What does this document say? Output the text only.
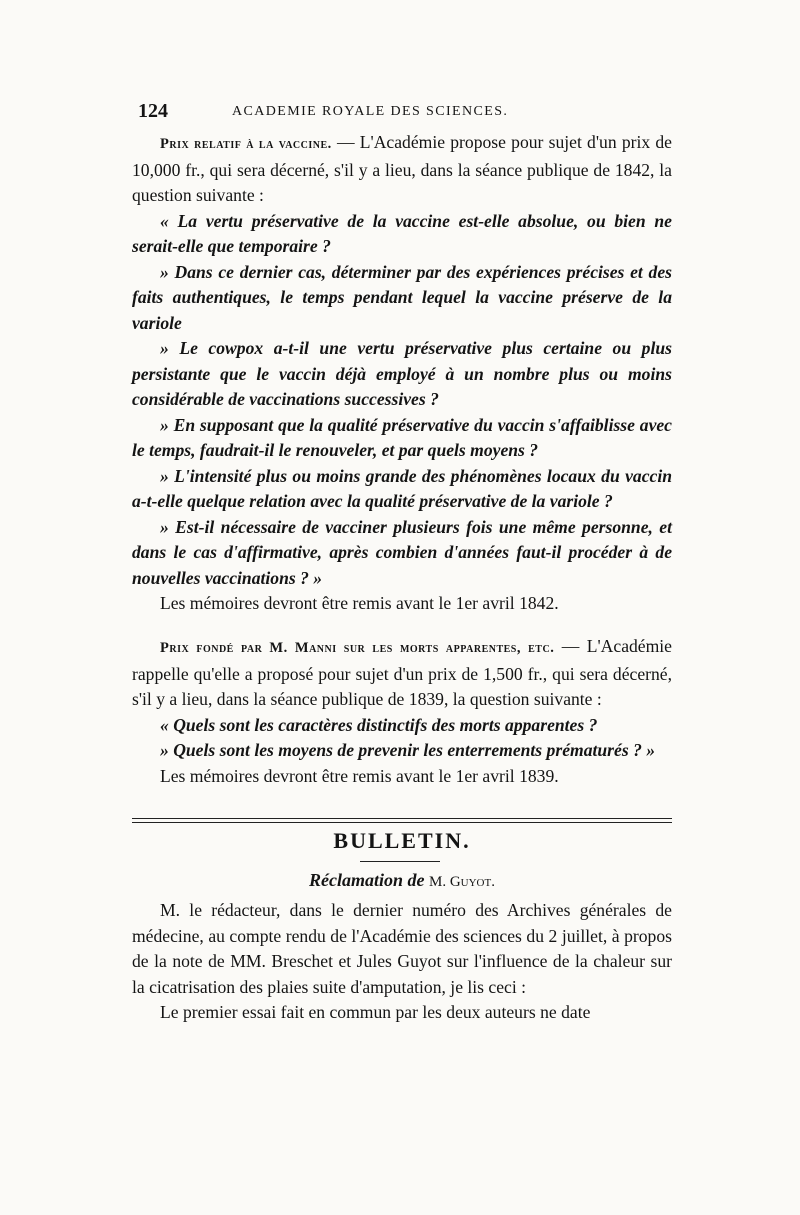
124	ACADEMIE ROYALE DES SCIENCES.

Prix relatif à la vaccine. — L'Académie propose pour sujet d'un prix de 10,000 fr., qui sera décerné, s'il y a lieu, dans la séance publique de 1842, la question suivante :

« La vertu préservative de la vaccine est-elle absolue, ou bien ne serait-elle que temporaire ?

» Dans ce dernier cas, déterminer par des expériences précises et des faits authentiques, le temps pendant lequel la vaccine préserve de la variole

» Le cowpox a-t-il une vertu préservative plus certaine ou plus persistante que le vaccin déjà employé à un nombre plus ou moins considérable de vaccinations successives ?

» En supposant que la qualité préservative du vaccin s'affaiblisse avec le temps, faudrait-il le renouveler, et par quels moyens ?

» L'intensité plus ou moins grande des phénomènes locaux du vaccin a-t-elle quelque relation avec la qualité préservative de la variole ?

» Est-il nécessaire de vacciner plusieurs fois une même personne, et dans le cas d'affirmative, après combien d'années faut-il procéder à de nouvelles vaccinations ? »

Les mémoires devront être remis avant le 1er avril 1842.

Prix fondé par M. Manni sur les morts apparentes, etc. — L'Académie rappelle qu'elle a proposé pour sujet d'un prix de 1,500 fr., qui sera décerné, s'il y a lieu, dans la séance publique de 1839, la question suivante :

« Quels sont les caractères distinctifs des morts apparentes ?

» Quels sont les moyens de prevenir les enterrements prématurés ? »

Les mémoires devront être remis avant le 1er avril 1839.

BULLETIN.
Réclamation de M. Guyot.

M. le rédacteur, dans le dernier numéro des Archives générales de médecine, au compte rendu de l'Académie des sciences du 2 juillet, à propos de la note de MM. Breschet et Jules Guyot sur l'influence de la chaleur sur la cicatrisation des plaies suite d'amputation, je lis ceci :

Le premier essai fait en commun par les deux auteurs ne date
